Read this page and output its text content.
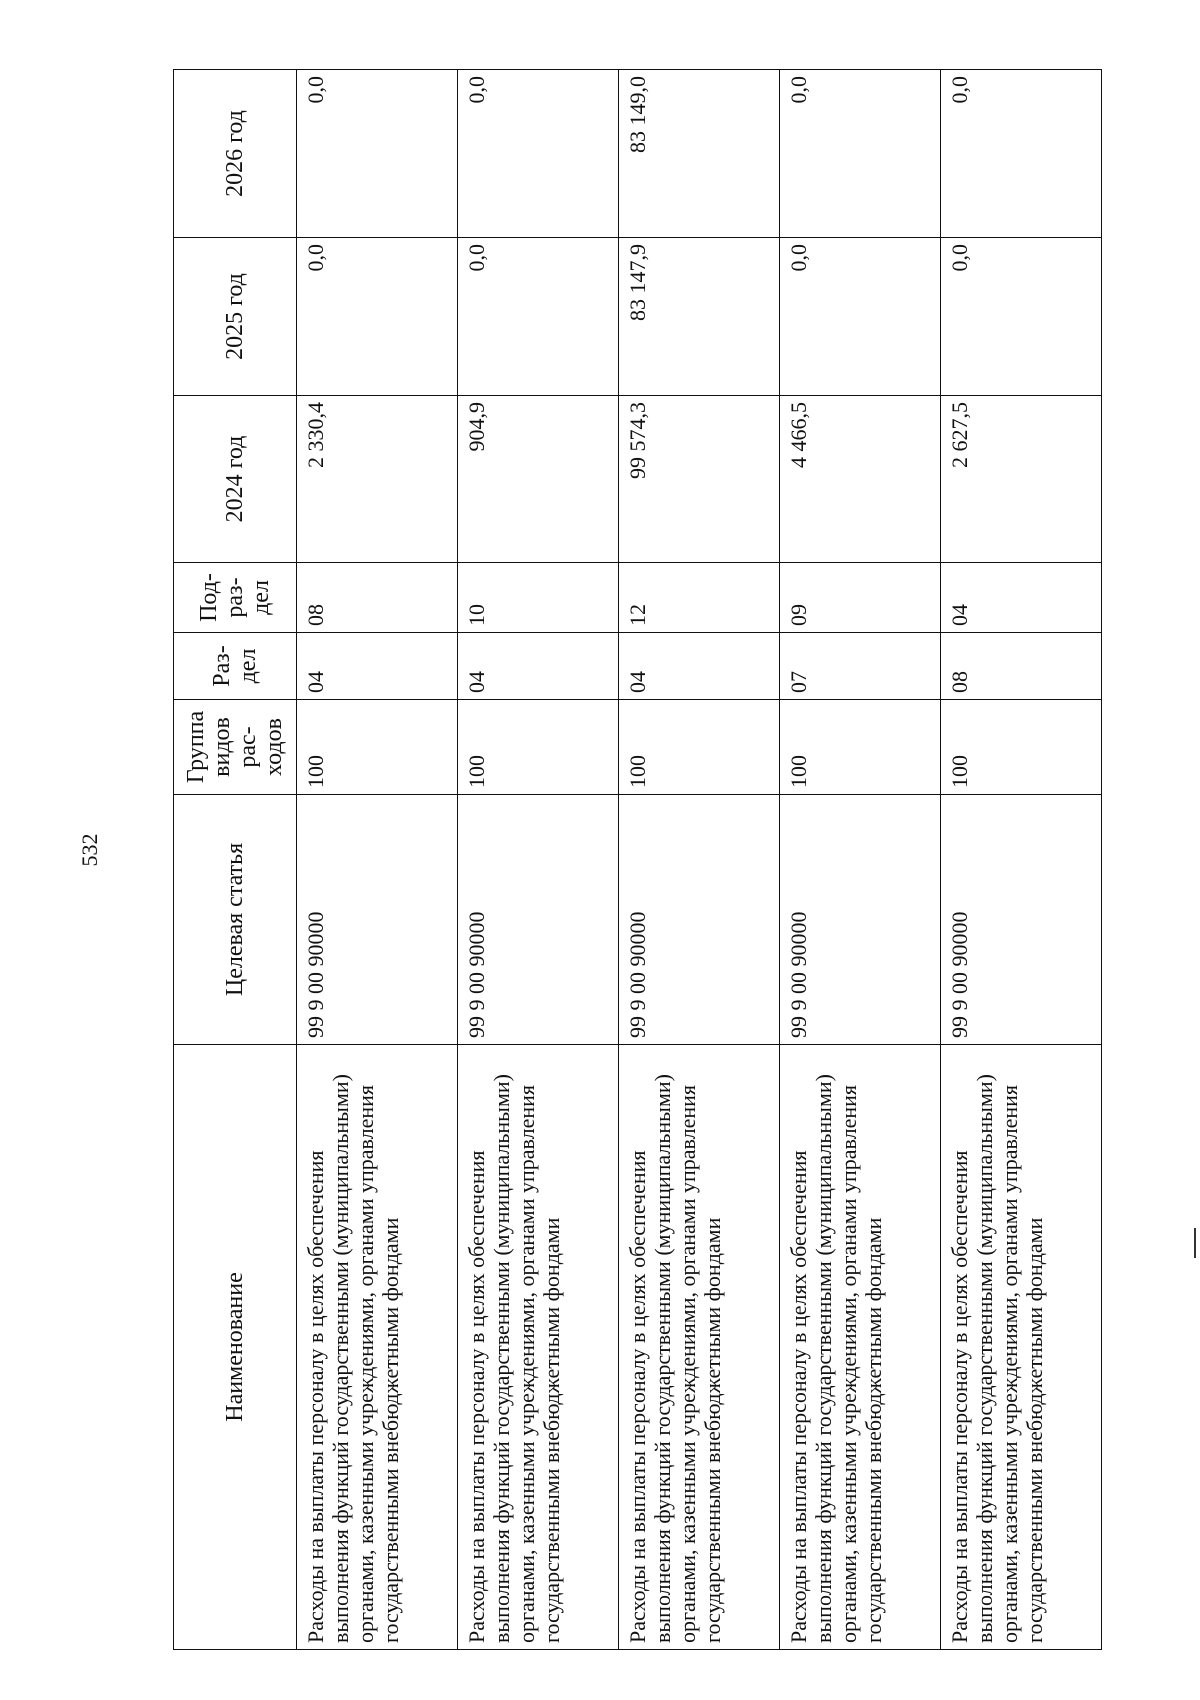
532
Наименование	Целевая статья	Группа видов рас-ходов	Раз-дел	Под-раз-дел	2024 год	2025 год	2026 год
Расходы на выплаты персоналу в целях обеспечения выполнения функций государственными (муниципальными) органами, казенными учреждениями, органами управления государственными внебюджетными фондами	99 9 00 90000	100	04	08	2 330,4	0,0	0,0
Расходы на выплаты персоналу в целях обеспечения выполнения функций государственными (муниципальными) органами, казенными учреждениями, органами управления государственными внебюджетными фондами	99 9 00 90000	100	04	10	904,9	0,0	0,0
Расходы на выплаты персоналу в целях обеспечения выполнения функций государственными (муниципальными) органами, казенными учреждениями, органами управления государственными внебюджетными фондами	99 9 00 90000	100	04	12	99 574,3	83 147,9	83 149,0
Расходы на выплаты персоналу в целях обеспечения выполнения функций государственными (муниципальными) органами, казенными учреждениями, органами управления государственными внебюджетными фондами	99 9 00 90000	100	07	09	4 466,5	0,0	0,0
Расходы на выплаты персоналу в целях обеспечения выполнения функций государственными (муниципальными) органами, казенными учреждениями, органами управления государственными внебюджетными фондами	99 9 00 90000	100	08	04	2 627,5	0,0	0,0
